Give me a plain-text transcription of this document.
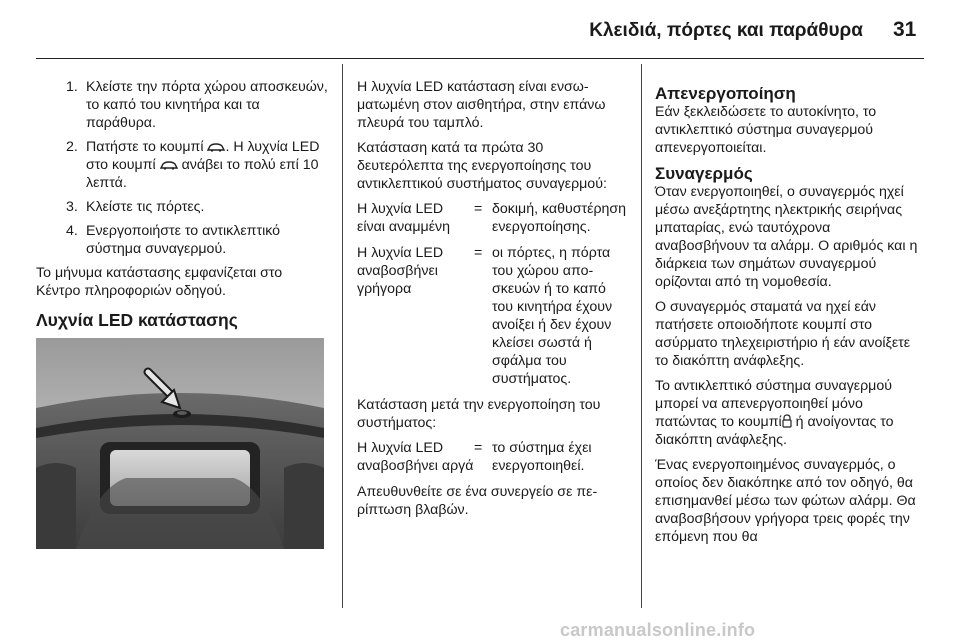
Κλειδιά, πόρτες και παράθυρα 31
1. Κλείστε την πόρτα χώρου αποσκευών, το καπό του κινητήρα και τα παράθυρα.
2. Πατήστε το κουμπί . Η λυχνία LED στο κουμπί ανάβει το πολύ επί 10 λεπτά.
3. Κλείστε τις πόρτες.
4. Ενεργοποιήστε το αντικλεπτικό σύστημα συναγερμού.

Το μήνυμα κατάστασης εμφανίζεται στο Κέντρο πληροφοριών οδηγού.

Λυχνία LED κατάστασης

Η λυχνία LED κατάσταση είναι ενσωματωμένη στον αισθητήρα, στην επάνω πλευρά του ταμπλό.

Κατάσταση κατά τα πρώτα 30 δευτερόλεπτα της ενεργοποίησης του αντικλεπτικού συστήματος συναγερμού:

Η λυχνία LED είναι αναμμένη
= δοκιμή, καθυστέρηση ενεργοποίησης.
Η λυχνία LED αναβοσβήνει γρήγορα
= οι πόρτες, η πόρτα του χώρου αποσκευών ή το καπό του κινητήρα έχουν ανοίξει ή δεν έχουν κλείσει σωστά ή σφάλμα του συστήματος.

Κατάσταση μετά την ενεργοποίηση του συστήματος:

Η λυχνία LED αναβοσβήνει αργά
= το σύστημα έχει ενεργοποιηθεί.

Απευθυνθείτε σε ένα συνεργείο σε περίπτωση βλαβών.

Απενεργοποίηση

Εάν ξεκλειδώσετε το αυτοκίνητο, το αντικλεπτικό σύστημα συναγερμού απενεργοποιείται.

Συναγερμός

Όταν ενεργοποιηθεί, ο συναγερμός ηχεί μέσω ανεξάρτητης ηλεκτρικής σειρήνας μπαταρίας, ενώ ταυτόχρονα αναβοσβήνουν τα αλάρμ. Ο αριθμός και η διάρκεια των σημάτων συναγερμού ορίζονται από τη νομοθεσία.

Ο συναγερμός σταματά να ηχεί εάν πατήσετε οποιοδήποτε κουμπί στο ασύρματο τηλεχειριστήριο ή εάν ανοίξετε το διακόπτη ανάφλεξης.

Το αντικλεπτικό σύστημα συναγερμού μπορεί να απενεργοποιηθεί μόνο πατώντας το κουμπί ή ανοίγοντας το διακόπτη ανάφλεξης.

Ένας ενεργοποιημένος συναγερμός, ο οποίος δεν διακόπηκε από τον οδηγό, θα επισημανθεί μέσω των φώτων αλάρμ. Θα αναβοσβήσουν γρήγορα τρεις φορές την επόμενη που θα

carmanualsonline.info
